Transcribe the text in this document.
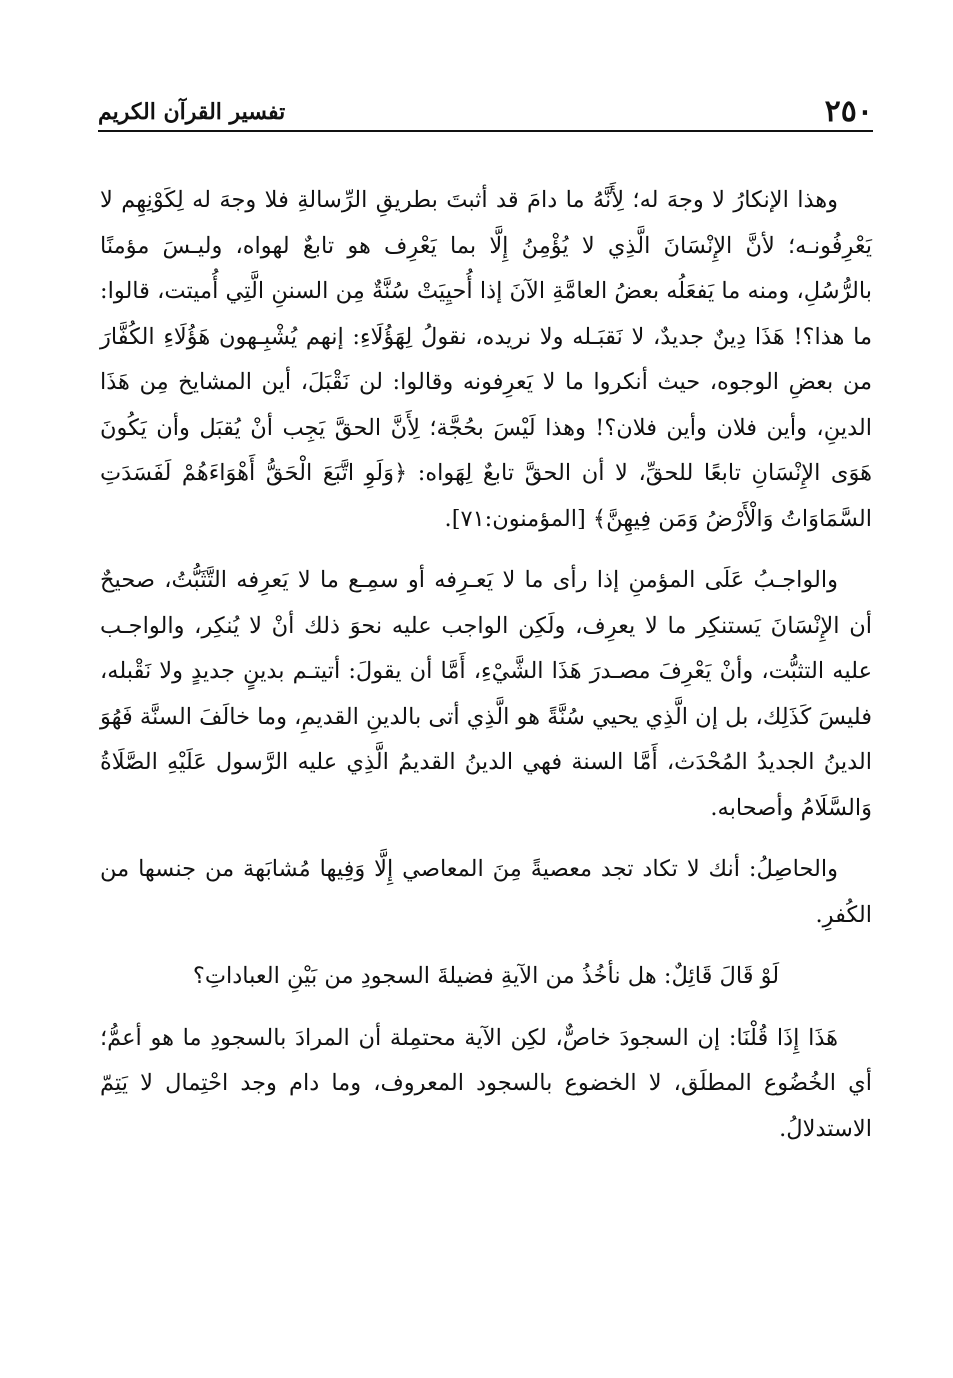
٢٥٠
تفسير القرآن الكريم

وهذا الإنكارُ لا وجهَ له؛ لِأَنَّهُ ما دامَ قد أثبتَ بطريقِ الرِّسالةِ فلا وجهَ له لِكَوْنِهِم لا يَعْرِفُونـه؛ لأنَّ الإِنْسَانَ الَّذِي لا يُؤْمِنُ إِلَّا بما يَعْرِف هو تابعٌ لهواه، وليـسَ مؤمنًا بالرُّسُلِ، ومنه ما يَفعَلُه بعضُ العامَّةِ الآنَ إذا أُحيِيَتْ سُنَّةٌ مِن السننِ الَّتِي أُميتت، قالوا: ما هذا؟! هَذَا دِينٌ جديدٌ، لا نَقبَـله ولا نريده، نقولُ لِهَؤُلَاءِ: إنهم يُشْبِـهون هَؤُلَاءِ الكُفَّارَ من بعضِ الوجوه، حيث أنكروا ما لا يَعرِفونه وقالوا: لن نَقْبَلَ، أين المشايخ مِن هَذَا الدينِ، وأين فلان وأين فلان؟! وهذا لَيْسَ بحُجَّة؛ لِأَنَّ الحقَّ يَجِب أنْ يُقبَل وأن يَكُونَ هَوَى الإِنْسَانِ تابعًا للحقِّ، لا أن الحقَّ تابعٌ لِهَواه: ﴿وَلَوِ اتَّبَعَ الْحَقُّ أَهْوَاءَهُمْ لَفَسَدَتِ السَّمَاوَاتُ وَالْأَرْضُ وَمَن فِيهِنَّ﴾ [المؤمنون:٧١].

والواجـبُ عَلَى المؤمنِ إذا رأى ما لا يَعـرِفه أو سمِـع ما لا يَعرِفه التَّثَبُّتُ، صحيحٌ أن الإِنْسَانَ يَستنكِر ما لا يعرِف، ولَكِن الواجب عليه نحوَ ذلك أنْ لا يُنكِر، والواجـب عليه التثبُّت، وأنْ يَعْرِفَ مصـدرَ هَذَا الشَّيْءِ، أَمَّا أن يقولَ: أتيتـم بدينٍ جديدٍ ولا نَقْبله، فليسَ كَذَلِك، بل إن الَّذِي يحيي سُنَّةً هو الَّذِي أتى بالدينِ القديمِ، وما خالَفَ السنَّة فَهُوَ الدينُ الجديدُ المُحْدَث، أَمَّا السنة فهي الدينُ القديمُ الَّذِي عليه الرَّسول عَلَيْهِ الصَّلَاةُ وَالسَّلَامُ وأصحابه.

والحاصِلُ: أنك لا تكاد تجد معصيةً مِنَ المعاصي إِلَّا وَفِيها مُشابَهة من جنسها من الكُفرِ.

لَوْ قَالَ قَائِلٌ: هل نأخُذُ من الآيةِ فضيلةَ السجودِ من بَيْنِ العباداتِ؟

هَذَا إِذَا قُلْنَا: إن السجودَ خاصٌّ، لكِن الآية محتمِلة أن المرادَ بالسجودِ ما هو أعمُّ؛ أي الخُضُوع المطلَق، لا الخضوع بالسجود المعروف، وما دام وجد احْتِمال لا يَتِمّ الاستدلالُ.
